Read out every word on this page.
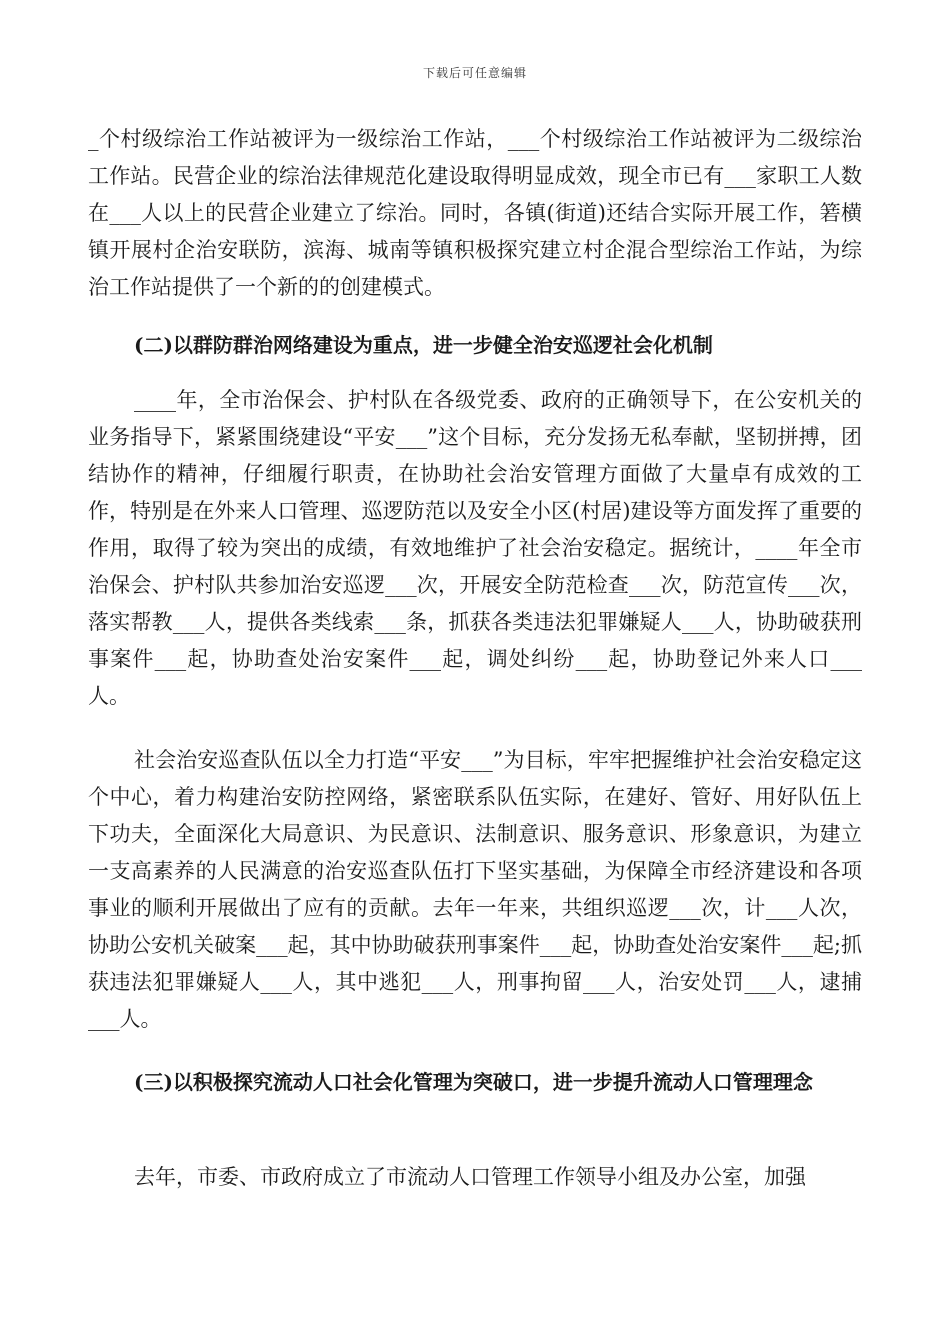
下载后可任意编辑

_个村级综治工作站被评为一级综治工作站，___个村级综治工作站被评为二级综治工作站。民营企业的综治法律规范化建设取得明显成效，现全市已有___家职工人数在___人以上的民营企业建立了综治。同时，各镇(街道)还结合实际开展工作，箬横镇开展村企治安联防，滨海、城南等镇积极探究建立村企混合型综治工作站，为综治工作站提供了一个新的的创建模式。

(二)以群防群治网络建设为重点，进一步健全治安巡逻社会化机制

____年，全市治保会、护村队在各级党委、政府的正确领导下，在公安机关的业务指导下，紧紧围绕建设“平安___”这个目标，充分发扬无私奉献，坚韧拼搏，团结协作的精神，仔细履行职责，在协助社会治安管理方面做了大量卓有成效的工作，特别是在外来人口管理、巡逻防范以及安全小区(村居)建设等方面发挥了重要的作用，取得了较为突出的成绩，有效地维护了社会治安稳定。据统计，____年全市治保会、护村队共参加治安巡逻___次，开展安全防范检查___次，防范宣传___次，落实帮教___人，提供各类线索___条，抓获各类违法犯罪嫌疑人___人，协助破获刑事案件___起，协助查处治安案件___起，调处纠纷___起，协助登记外来人口___人。

社会治安巡查队伍以全力打造“平安___”为目标，牢牢把握维护社会治安稳定这个中心，着力构建治安防控网络，紧密联系队伍实际，在建好、管好、用好队伍上下功夫，全面深化大局意识、为民意识、法制意识、服务意识、形象意识，为建立一支高素养的人民满意的治安巡查队伍打下坚实基础，为保障全市经济建设和各项事业的顺利开展做出了应有的贡献。去年一年来，共组织巡逻___次，计___人次，协助公安机关破案___起，其中协助破获刑事案件___起，协助查处治安案件___起;抓获违法犯罪嫌疑人___人，其中逃犯___人，刑事拘留___人，治安处罚___人，逮捕___人。

(三)以积极探究流动人口社会化管理为突破口，进一步提升流动人口管理理念

去年，市委、市政府成立了市流动人口管理工作领导小组及办公室，加强
